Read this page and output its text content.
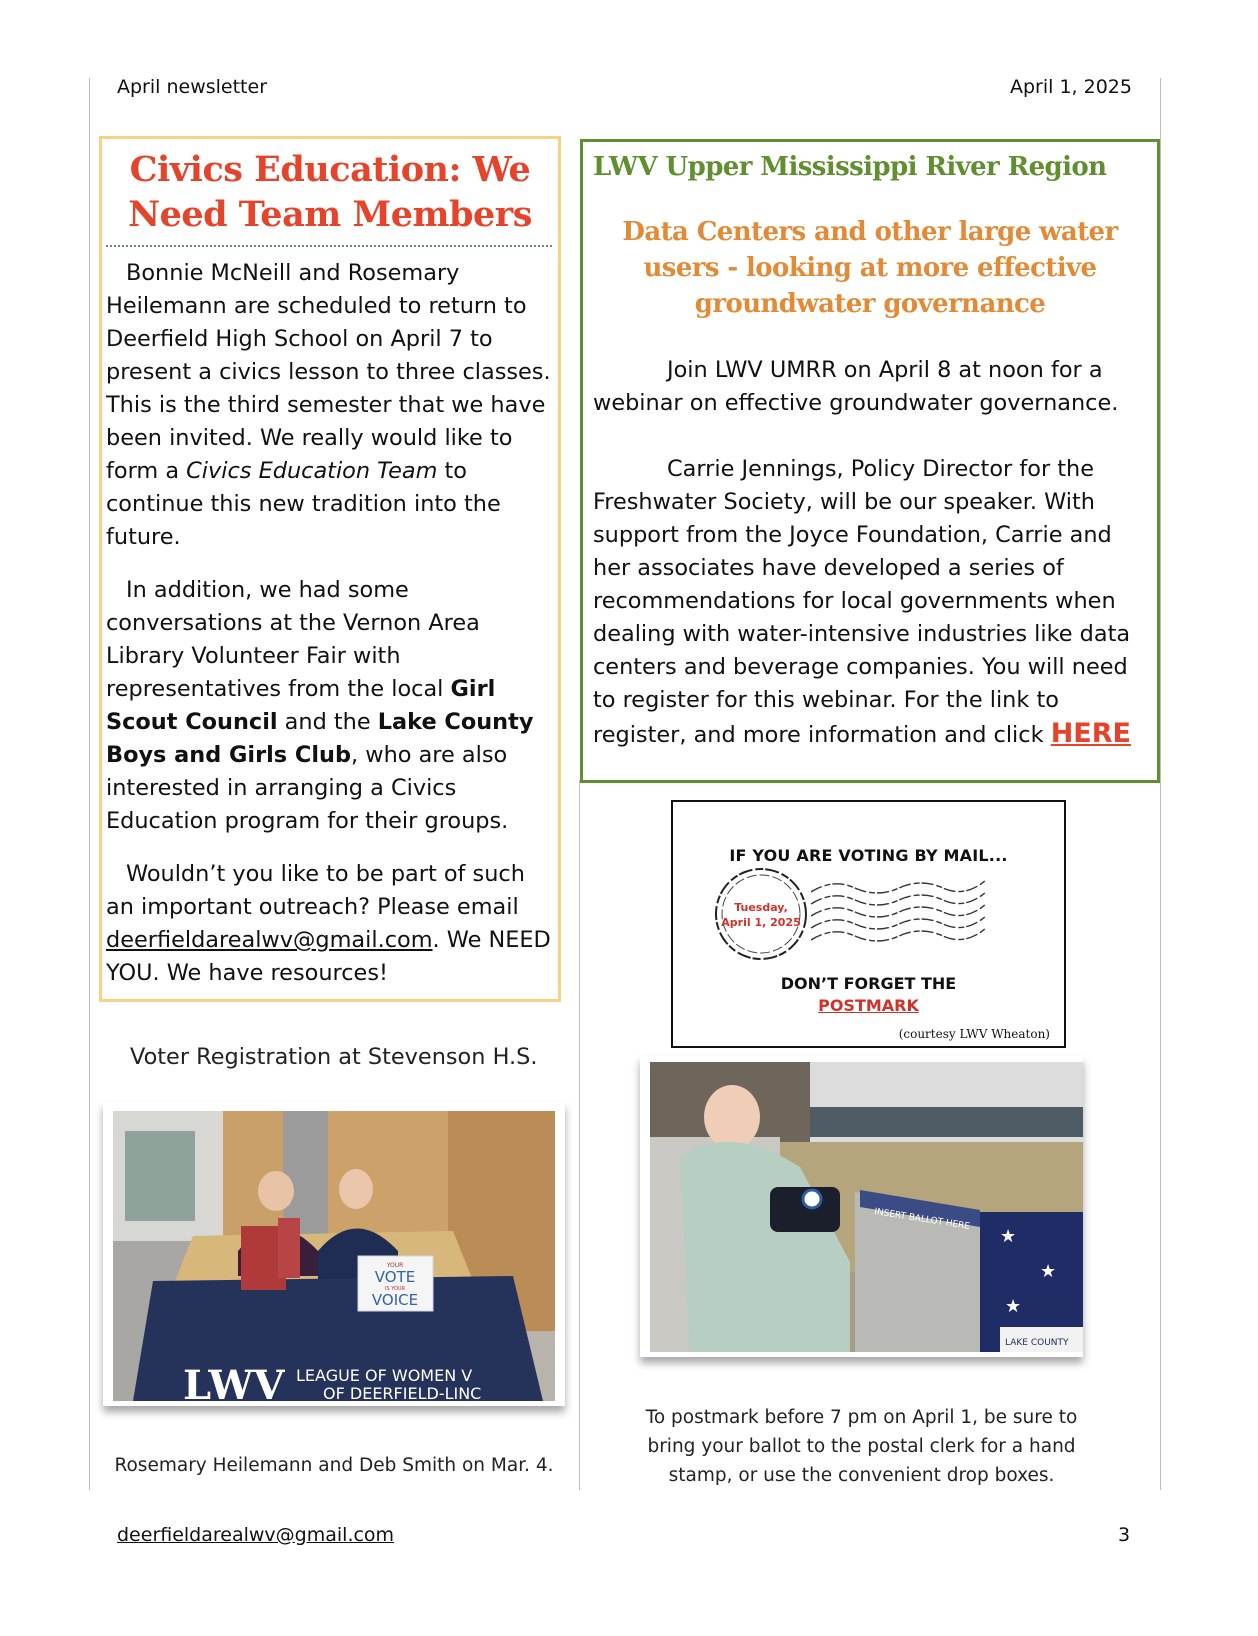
April newsletter	April 1, 2025
Civics Education: We
Need Team Members

Bonnie McNeill and Rosemary Heilemann are scheduled to return to Deerfield High School on April 7 to present a civics lesson to three classes. This is the third semester that we have been invited. We really would like to form a Civics Education Team to continue this new tradition into the future.

In addition, we had some conversations at the Vernon Area Library Volunteer Fair with representatives from the local Girl Scout Council and the Lake County Boys and Girls Club, who are also interested in arranging a Civics Education program for their groups.

Wouldn’t you like to be part of such an important outreach? Please email deerfieldarealwv@gmail.com. We NEED YOU. We have resources!

LWV Upper Mississippi River Region
Data Centers and other large water users - looking at more effective groundwater governance

Join LWV UMRR on April 8 at noon for a webinar on effective groundwater governance.

Carrie Jennings, Policy Director for the Freshwater Society, will be our speaker. With support from the Joyce Foundation, Carrie and her associates have developed a series of recommendations for local governments when dealing with water-intensive industries like data centers and beverage companies. You will need to register for this webinar. For the link to register, and more information and click HERE

IF YOU ARE VOTING BY MAIL...
Tuesday,
April 1, 2025
DON’T FORGET THE
POSTMARK
(courtesy LWV Wheaton)
Voter Registration at Stevenson H.S.
YOUR
VOTE
IS YOUR
VOICE
LWV LEAGUE OF WOMEN V
OF DEERFIELD-LINC
Rosemary Heilemann and Deb Smith on Mar. 4.
INSERT BALLOT HERE
★
★
★
LAKE COUNTY
To postmark before 7 pm on April 1, be sure to bring your ballot to the postal clerk for a hand stamp, or use the convenient drop boxes.
deerfieldarealwv@gmail.com	3
